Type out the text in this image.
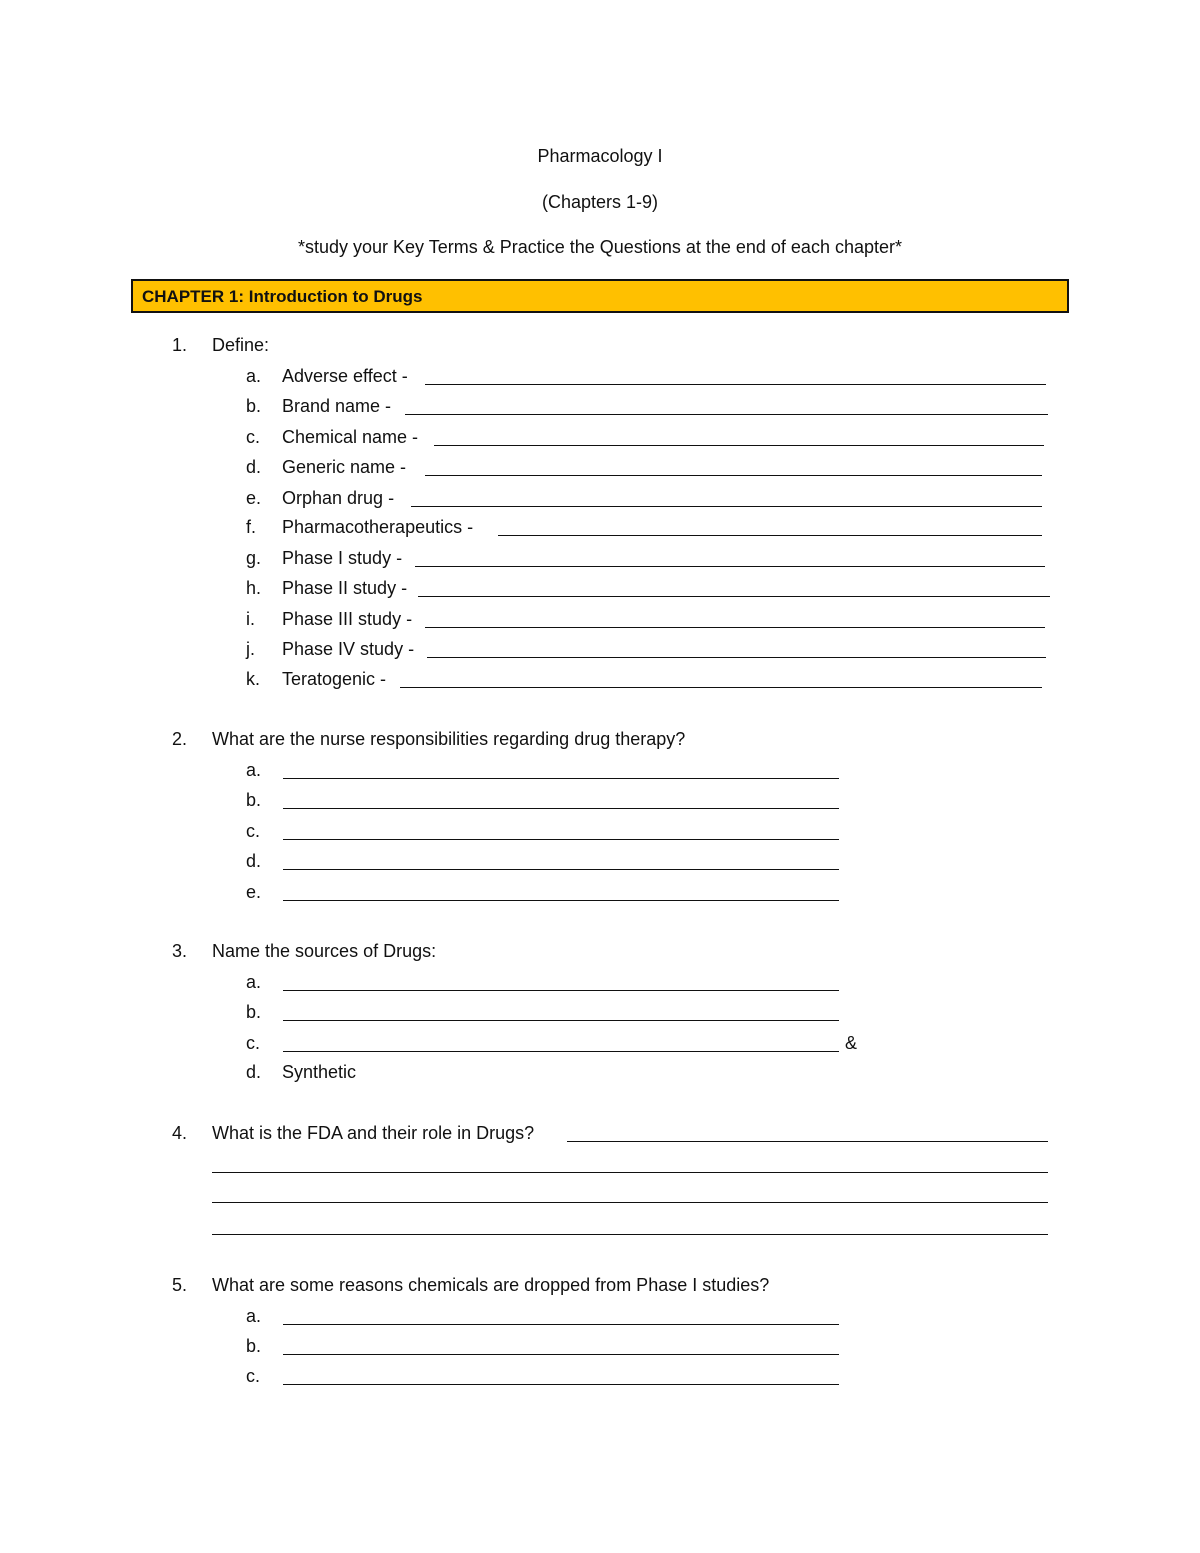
Pharmacology I
(Chapters 1-9)
*study your Key Terms & Practice the Questions at the end of each chapter*
CHAPTER 1: Introduction to Drugs
1. Define:
a. Adverse effect -
b. Brand name -
c. Chemical name -
d. Generic name -
e. Orphan drug -
f. Pharmacotherapeutics -
g. Phase I study -
h. Phase II study -
i. Phase III study -
j. Phase IV study -
k. Teratogenic -
2. What are the nurse responsibilities regarding drug therapy?
a.
b.
c.
d.
e.
3. Name the sources of Drugs:
a.
b.
c.	&
d. Synthetic
4. What is the FDA and their role in Drugs?
5. What are some reasons chemicals are dropped from Phase I studies?
a.
b.
c.
